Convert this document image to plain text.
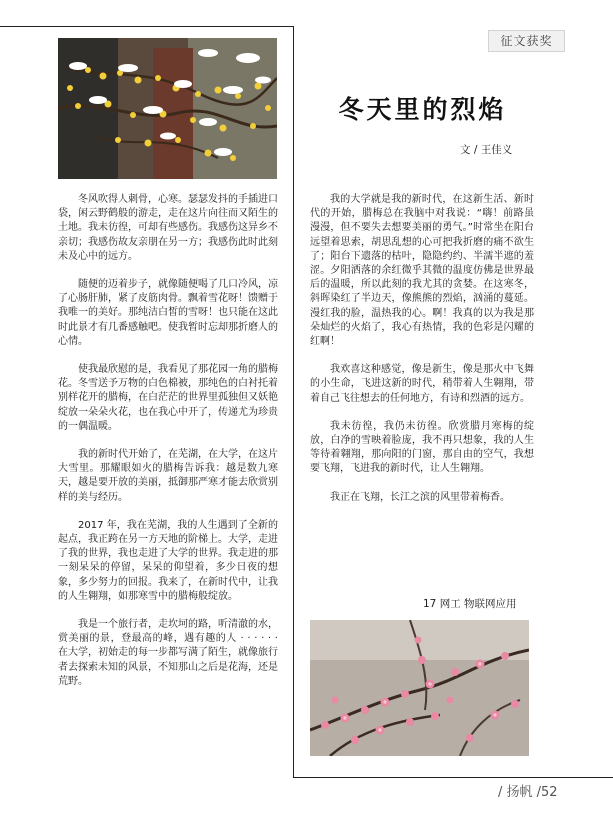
征文获奖
冬天里的烈焰
文 / 王佳义

冬风吹得人刺骨，心寒。瑟瑟发抖的手插进口袋，闲云野鹤般的游走，走在这片向往而又陌生的土地。我未彷徨，可却有些感伤。我感伤这异乡不亲切；我感伤故友亲朋在另一方；我感伤此时此刻未及心中的远方。

随便的迈着步子，就像随便喝了几口冷风，凉了心肠肝肺，紧了皮筋肉骨。飘着雪花呀！馈赠于我唯一的美好。那纯洁白皙的雪呀！也只能在这此时此景才有几番感触吧。使我暂时忘却那折磨人的心情。

使我最欣慰的是，我看见了那花园一角的腊梅花。冬雪送予万物的白色棉被，那纯色的白衬托着别样花开的腊梅，在白茫茫的世界里孤独但又妖艳绽放一朵朵火花，也在我心中开了，传递尤为珍贵的一偶温暖。

我的新时代开始了，在芜湖，在大学，在这片大雪里。那耀眼如火的腊梅告诉我：越是数九寒天，越是要开放的美丽，抵御那严寒才能去欣赏别样的美与经历。

2017 年，我在芜湖，我的人生遇到了全新的起点，我正跨在另一方天地的阶梯上。大学，走进了我的世界，我也走进了大学的世界。我走进的那一刻呆呆的停留，呆呆的仰望着，多少日夜的想象，多少努力的回报。我来了，在新时代中，让我的人生翱翔，如那寒雪中的腊梅般绽放。

我是一个旅行者，走坎坷的路，听清澈的水，赏美丽的景，登最高的峰，遇有趣的人 · · · · · · 在大学，初始走的每一步都写满了陌生，就像旅行者去探索未知的风景，不知那山之后是花海，还是荒野。

我的大学就是我的新时代，在这新生活、新时代的开始，腊梅总在我脑中对我说：“嗨！前路虽漫漫，但不要失去想要美丽的勇气。”时常坐在阳台远望着思索，胡思乱想的心可把我折磨的痛不欲生了；阳台下遗落的枯叶，隐隐约约、半濡半遮的羞涩。夕阳洒落的余红微乎其微的温度仿佛是世界最后的温暖，所以此刻的我尤其的贪婪。在这寒冬，斜晖染红了半边天，像熊熊的烈焰，汹涌的蔓延。漫红我的脸，温热我的心。啊！我真的以为我是那朵灿烂的火焰了，我心有热情，我的色彩是闪耀的红啊！

我欢喜这种感觉，像是新生，像是那火中飞舞的小生命，飞进这新的时代，稍带着人生翱翔，带着自己飞往想去的任何地方，有诗和烈酒的远方。

我未彷徨，我仍未彷徨。欣赏腊月寒梅的绽放，白净的雪映着脸庞，我不再只想象，我的人生等待着翱翔，那向阳的门窗，那自由的空气，我想要飞翔，飞进我的新时代，让人生翱翔。

我正在飞翔，长江之滨的风里带着梅香。

17 网工 物联网应用
/ 扬帆 /52
